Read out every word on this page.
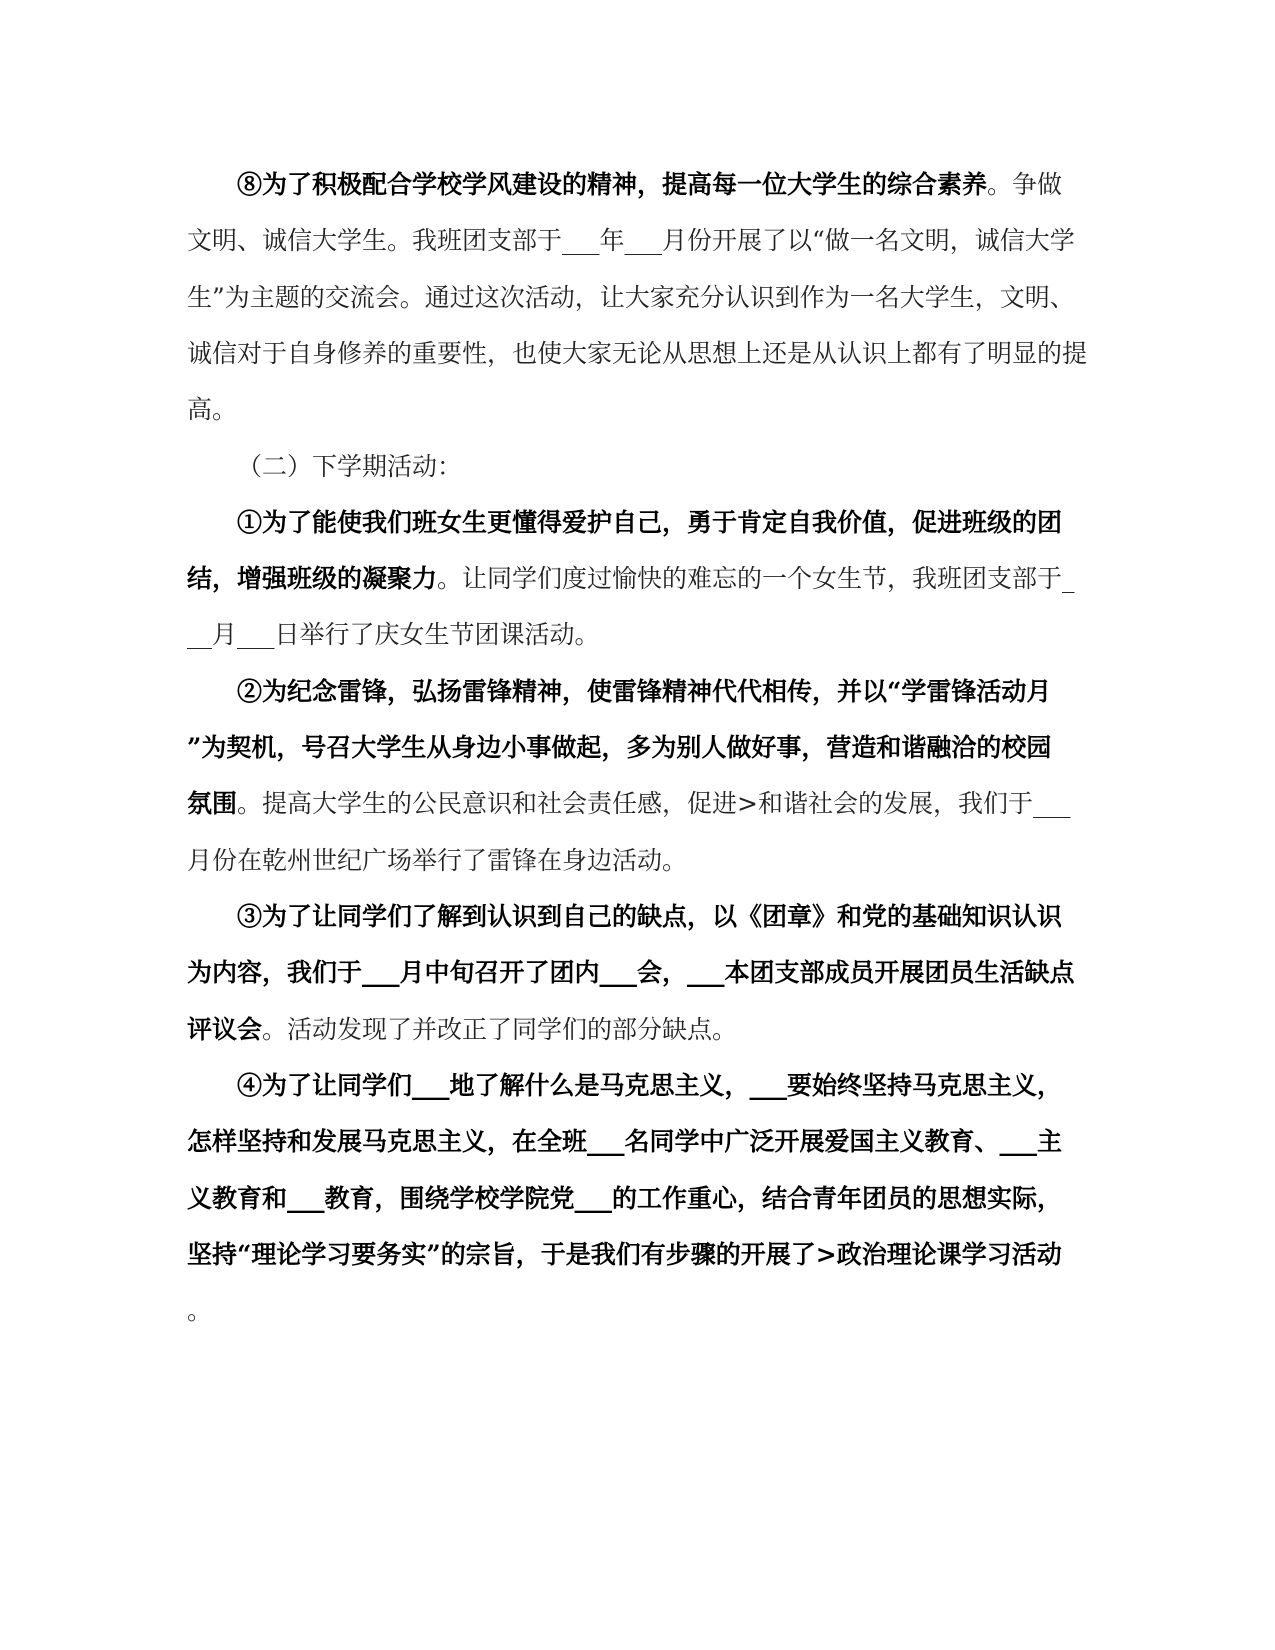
⑧为了积极配合学校学风建设的精神，提高每一位大学生的综合素养。争做
文明、诚信大学生。我班团支部于___年___月份开展了以“做一名文明，诚信大学
生”为主题的交流会。通过这次活动，让大家充分认识到作为一名大学生，文明、
诚信对于自身修养的重要性，也使大家无论从思想上还是从认识上都有了明显的提
高。
（二）下学期活动：
①为了能使我们班女生更懂得爱护自己，勇于肯定自我价值，促进班级的团
结，增强班级的凝聚力。让同学们度过愉快的难忘的一个女生节，我班团支部于_
__月___日举行了庆女生节团课活动。
②为纪念雷锋，弘扬雷锋精神，使雷锋精神代代相传，并以“学雷锋活动月
”为契机，号召大学生从身边小事做起，多为别人做好事，营造和谐融洽的校园
氛围。提高大学生的公民意识和社会责任感，促进>和谐社会的发展，我们于___
月份在乾州世纪广场举行了雷锋在身边活动。
③为了让同学们了解到认识到自己的缺点，以《团章》和党的基础知识认识
为内容，我们于___月中旬召开了团内___会，___本团支部成员开展团员生活缺点
评议会。活动发现了并改正了同学们的部分缺点。
④为了让同学们___地了解什么是马克思主义，___要始终坚持马克思主义，
怎样坚持和发展马克思主义，在全班___名同学中广泛开展爱国主义教育、___主
义教育和___教育，围绕学校学院党___的工作重心，结合青年团员的思想实际，
坚持“理论学习要务实”的宗旨，于是我们有步骤的开展了>政治理论课学习活动
。
